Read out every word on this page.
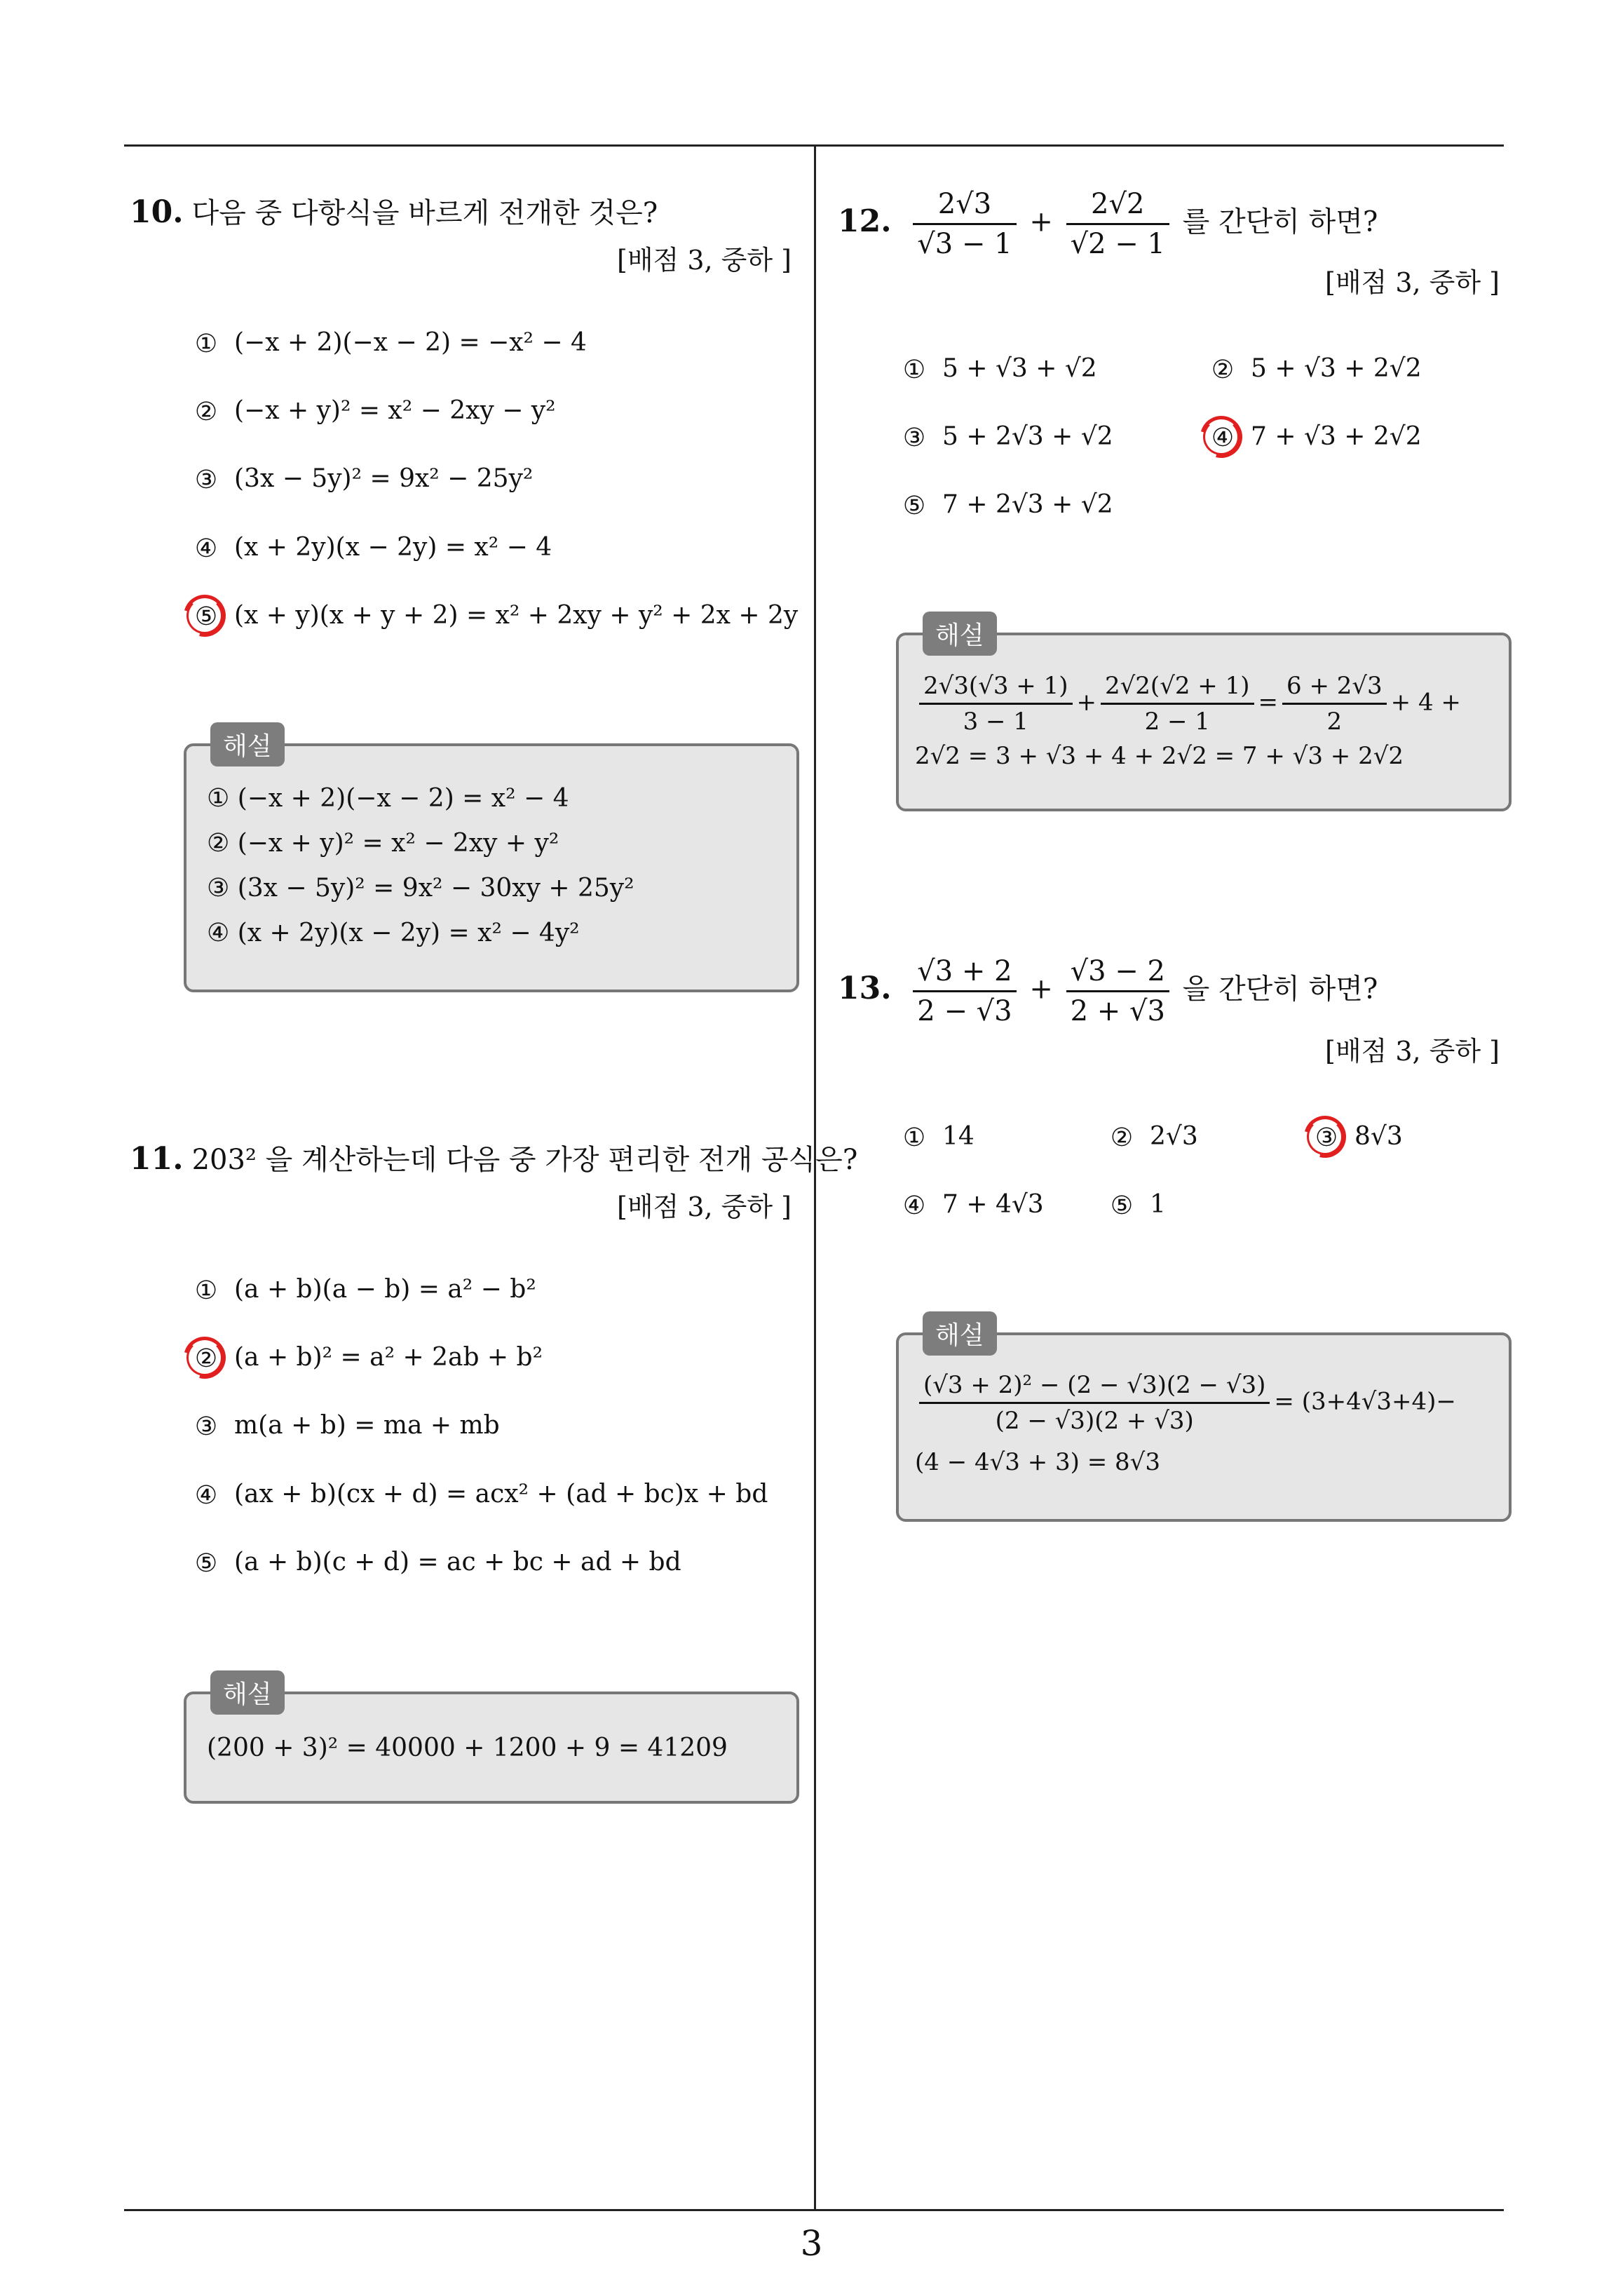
3
10. 다음 중 다항식을 바르게 전개한 것은?
[배점 3, 중하 ]
① (−x + 2)(−x − 2) = −x² − 4
② (−x + y)² = x² − 2xy − y²
③ (3x − 5y)² = 9x² − 25y²
④ (x + 2y)(x − 2y) = x² − 4
⑤ (x + y)(x + y + 2) = x² + 2xy + y² + 2x + 2y
해설
① (−x + 2)(−x − 2) = x² − 4
② (−x + y)² = x² − 2xy + y²
③ (3x − 5y)² = 9x² − 30xy + 25y²
④ (x + 2y)(x − 2y) = x² − 4y²
11. 203² 을 계산하는데 다음 중 가장 편리한 전개 공식은?
[배점 3, 중하 ]
① (a + b)(a − b) = a² − b²
② (a + b)² = a² + 2ab + b²
③ m(a + b) = ma + mb
④ (ax + b)(cx + d) = acx² + (ad + bc)x + bd
⑤ (a + b)(c + d) = ac + bc + ad + bd
해설
(200 + 3)² = 40000 + 1200 + 9 = 41209
12. $\frac{2√3}{√3 - 1} + \frac{2√2}{√2 - 1}$ 를 간단히 하면?
[배점 3, 중하 ]
① 5 + √3 + √2	② 5 + √3 + 2√2
③ 5 + 2√3 + √2	④ 7 + √3 + 2√2
⑤ 7 + 2√3 + √2
해설
$\frac{2√3(√3 + 1)}{3 - 1} + \frac{2√2(√2 + 1)}{2 - 1} = \frac{6 + 2√3}{2} + 4$ +
2√2 = 3 + √3 + 4 + 2√2 = 7 + √3 + 2√2
13. $\frac{√3 + 2}{2 - √3} + \frac{√3 - 2}{2 + √3}$ 을 간단히 하면?
[배점 3, 중하 ]
① 14	② 2√3	③ 8√3
④ 7 + 4√3	⑤ 1
해설
$\frac{\text{(√3 + 2)² − (2 − √3)(2 − √3)}}{(2 - √3)(2 + √3)} = (3+4√3+4)-$
(4 − 4√3 + 3) = 8√3
